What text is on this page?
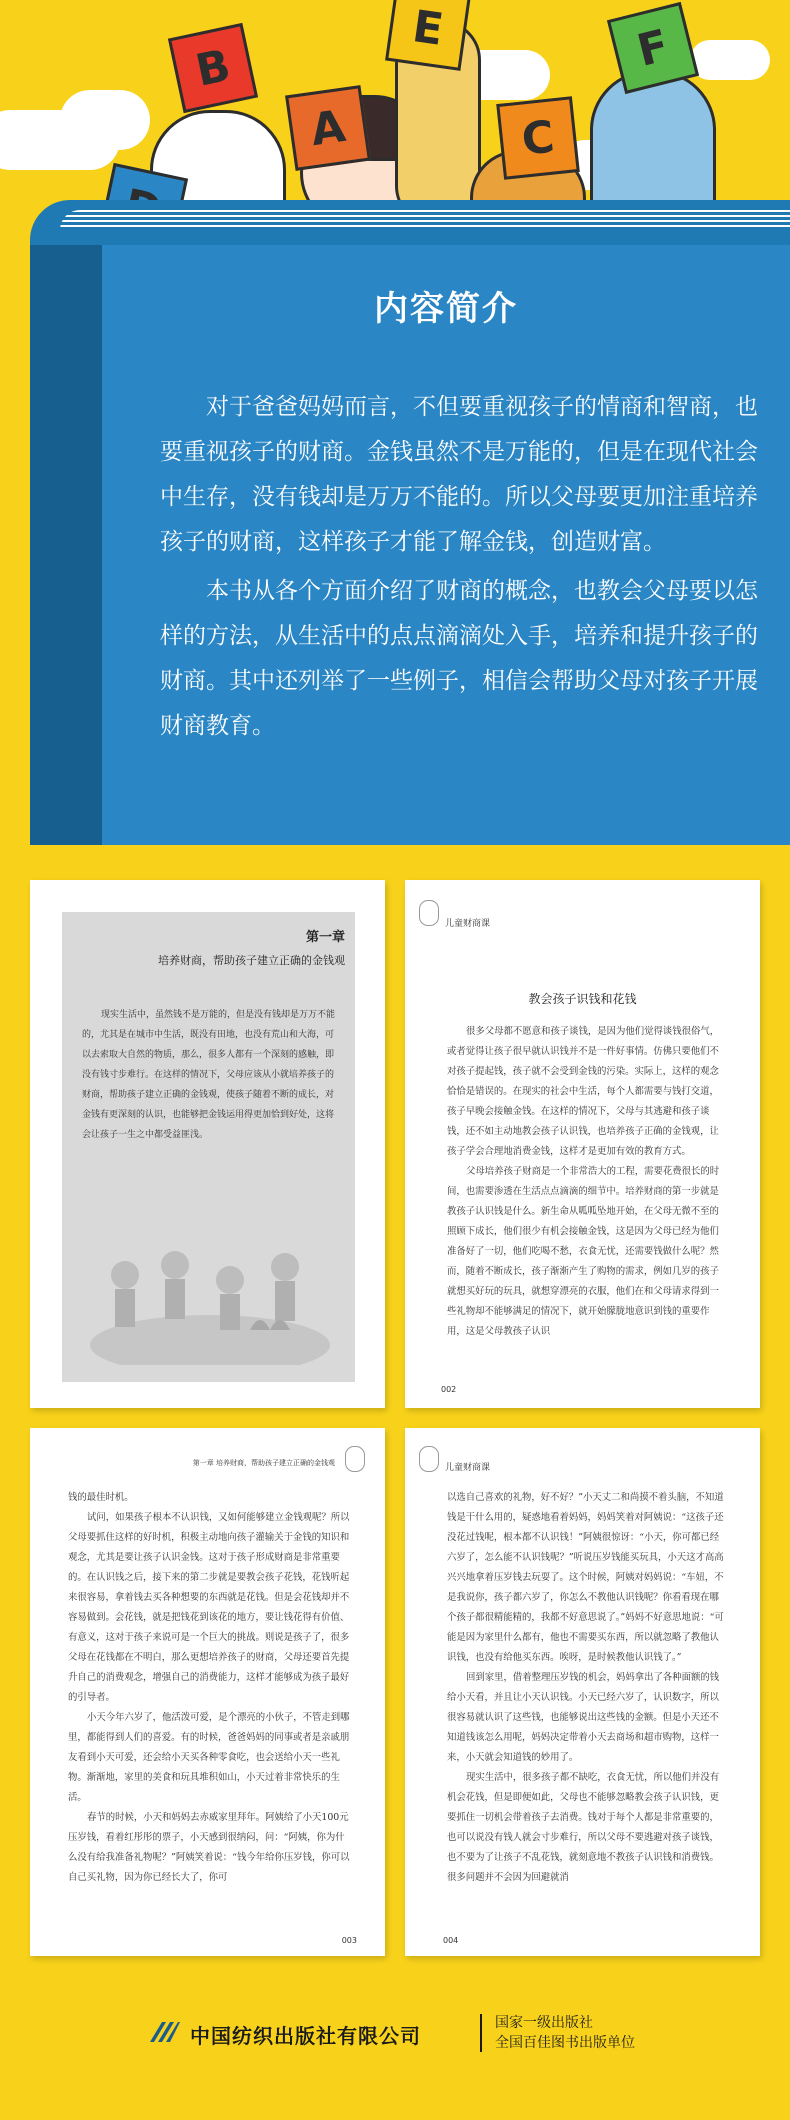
B
A
E
C
F
内容简介

对于爸爸妈妈而言，不但要重视孩子的情商和智商，也要重视孩子的财商。金钱虽然不是万能的，但是在现代社会中生存，没有钱却是万万不能的。所以父母要更加注重培养孩子的财商，这样孩子才能了解金钱，创造财富。

本书从各个方面介绍了财商的概念，也教会父母要以怎样的方法，从生活中的点点滴滴处入手，培养和提升孩子的财商。其中还列举了一些例子，相信会帮助父母对孩子开展财商教育。

第一章
培养财商，帮助孩子建立正确的金钱观

现实生活中，虽然钱不是万能的，但是没有钱却是万万不能的，尤其是在城市中生活，既没有田地，也没有荒山和大海，可以去索取大自然的物质，那么，很多人都有一个深刻的感触，即没有钱寸步难行。在这样的情况下，父母应该从小就培养孩子的财商，帮助孩子建立正确的金钱观，使孩子随着不断的成长，对金钱有更深刻的认识，也能够把金钱运用得更加恰到好处，这将会让孩子一生之中都受益匪浅。

儿童财商课
教会孩子识钱和花钱

很多父母都不愿意和孩子谈钱，是因为他们觉得谈钱很俗气，或者觉得让孩子很早就认识钱并不是一件好事情。仿佛只要他们不对孩子提起钱，孩子就不会受到金钱的污染。实际上，这样的观念恰恰是错误的。在现实的社会中生活，每个人都需要与钱打交道，孩子早晚会接触金钱。在这样的情况下，父母与其逃避和孩子谈钱，还不如主动地教会孩子认识钱，也培养孩子正确的金钱观，让孩子学会合理地消费金钱，这样才是更加有效的教育方式。

父母培养孩子财商是一个非常浩大的工程，需要花费很长的时间，也需要渗透在生活点点滴滴的细节中。培养财商的第一步就是教孩子认识钱是什么。新生命从呱呱坠地开始，在父母无微不至的照顾下成长，他们很少有机会接触金钱，这是因为父母已经为他们准备好了一切，他们吃喝不愁，衣食无忧，还需要钱做什么呢？然而，随着不断成长，孩子渐渐产生了购物的需求，例如几岁的孩子就想买好玩的玩具，就想穿漂亮的衣服，他们在和父母请求得到一些礼物却不能够满足的情况下，就开始朦胧地意识到钱的重要作用，这是父母教孩子认识

002
第一章 培养财商，帮助孩子建立正确的金钱观

钱的最佳时机。

试问，如果孩子根本不认识钱，又如何能够建立金钱观呢？所以父母要抓住这样的好时机，积极主动地向孩子灌输关于金钱的知识和观念，尤其是要让孩子认识金钱。这对于孩子形成财商是非常重要的。在认识钱之后，接下来的第二步就是要教会孩子花钱，花钱听起来很容易，拿着钱去买各种想要的东西就是花钱。但是会花钱却并不容易做到。会花钱，就是把钱花到该花的地方，要让钱花得有价值、有意义，这对于孩子来说可是一个巨大的挑战。则说是孩子了，很多父母在花钱都在不明白，那么更想培养孩子的财商，父母还要首先提升自己的消费观念，增强自己的消费能力，这样才能够成为孩子最好的引导者。

小天今年六岁了，他活泼可爱，是个漂亮的小伙子，不管走到哪里，都能得到人们的喜爱。有的时候，爸爸妈妈的同事或者是亲戚朋友看到小天可爱，还会给小天买各种零食吃，也会送给小天一些礼物。渐渐地，家里的美食和玩具堆积如山，小天过着非常快乐的生活。

春节的时候，小天和妈妈去赤威家里拜年。阿姨给了小天100元压岁钱，看着红彤彤的票子，小天感到很纳闷，问：“阿姨，你为什么没有给我准备礼物呢？”阿姨笑着说：“钱今年给你压岁钱，你可以自己买礼物，因为你已经长大了，你可

003
儿童财商课

以选自己喜欢的礼物，好不好？”小天丈二和尚摸不着头脑，不知道钱是干什么用的，疑惑地看着妈妈，妈妈笑着对阿姨说：“这孩子还没花过钱呢，根本都不认识钱！”阿姨很惊讶：“小天，你可都已经六岁了，怎么能不认识钱呢？”听说压岁钱能买玩具，小天这才高高兴兴地拿着压岁钱去玩耍了。这个时候，阿姨对妈妈说：“车妞，不是我说你，孩子都六岁了，你怎么不教他认识钱呢？你看看现在哪个孩子都很精能精的，我都不好意思说了。”妈妈不好意思地说：“可能是因为家里什么都有，他也不需要买东西，所以就忽略了教他认识钱，也没有给他买东西。唉呀，是时候教他认识钱了。”

回到家里，借着整理压岁钱的机会，妈妈拿出了各种面额的钱给小天看，并且让小天认识钱。小天已经六岁了，认识数字，所以很容易就认识了这些钱，也能够说出这些钱的金额。但是小天还不知道钱该怎么用呢，妈妈决定带着小天去商场和超市购物，这样一来，小天就会知道钱的妙用了。

现实生活中，很多孩子都不缺吃，衣食无忧，所以他们并没有机会花钱，但是即便如此，父母也不能够忽略教会孩子认识钱，更要抓住一切机会带着孩子去消费。钱对于每个人都是非常重要的，也可以说没有钱人就会寸步难行，所以父母不要逃避对孩子谈钱，也不要为了让孩子不乱花钱，就刻意地不教孩子认识钱和消费钱。很多问题并不会因为回避就消

004
中国纺织出版社有限公司
国家一级出版社
全国百佳图书出版单位
